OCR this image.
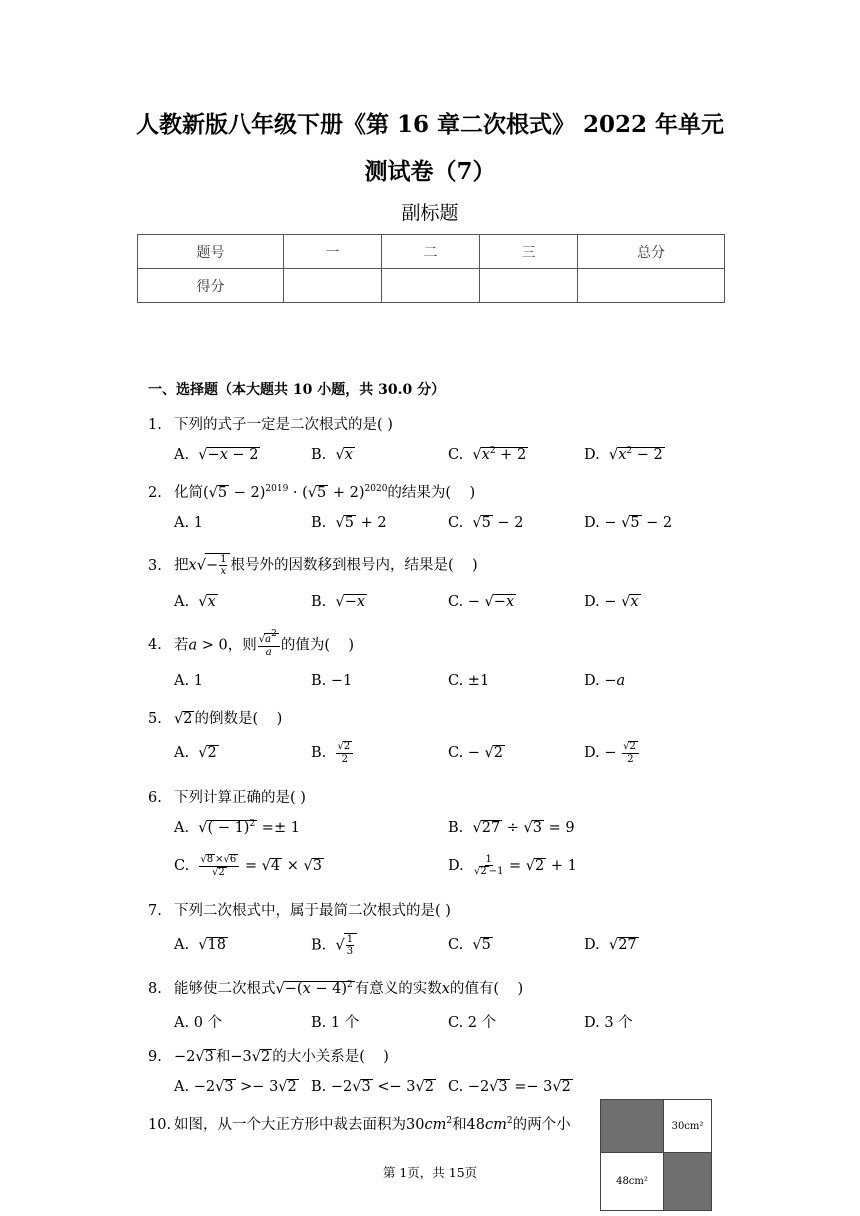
人教新版八年级下册《第 16 章二次根式》 2022 年单元
测试卷（7）
副标题
题号	一	二	三	总分
得分				
一、选择题（本大题共 10 小题，共 30.0 分）
1. 下列的式子一定是二次根式的是( )
A.  √−x − 2	B.  √x	C.  $√x^2 + 2$	D.  $√x^2 - 2$
2. 化简$(√5 - 2)^{2019} \cdot (√5 + 2)^{2020}$的结果为(    )
A. 1	B.  √5 + 2	C.  √5 − 2	D. − √5 − 2
3. 把$x√- \frac{1}{x}$ 根号外的因数移到根号内，结果是(    )
A.  √x	B.  √−x	C. − √−x	D. − √x
4. 若a > 0，则 $\frac{√a^2}{a}$ 的值为(    )
A. 1	B. −1	C. ±1	D. −a
5. √2 的倒数是(    )
A.  √2	B. $\frac{√2}{2}$	C. − √2	D. − $\frac{√2}{2}$
6. 下列计算正确的是( )
A.  √( − 1)$^2$ =± 1	B.  √27 ÷ √3 = 9
C. $\frac{√8 \times√6}{√2} = √4 \times √3$	D. $\frac{1}{√2 -1} = √2 + 1$
7. 下列二次根式中，属于最简二次根式的是( )
A.  √18	B.  √ $\frac{1}{3}$	C.  √5	D.  √27
8. 能够使二次根式$√-(x - 4)^2$ 有意义的实数x的值有(    )
A. 0 个	B. 1 个	C. 2 个	D. 3 个
9. −2√3 和−3√2 的大小关系是(    )
A. −2√3 >− 3√2 B. −2√3 <− 3√2 C. −2√3 =− 3√2
10. 如图，从一个大正方形中裁去面积为$30cm^2$和$48cm^2$的两个小	30cm²
48cm²
第 1页，共 15页
